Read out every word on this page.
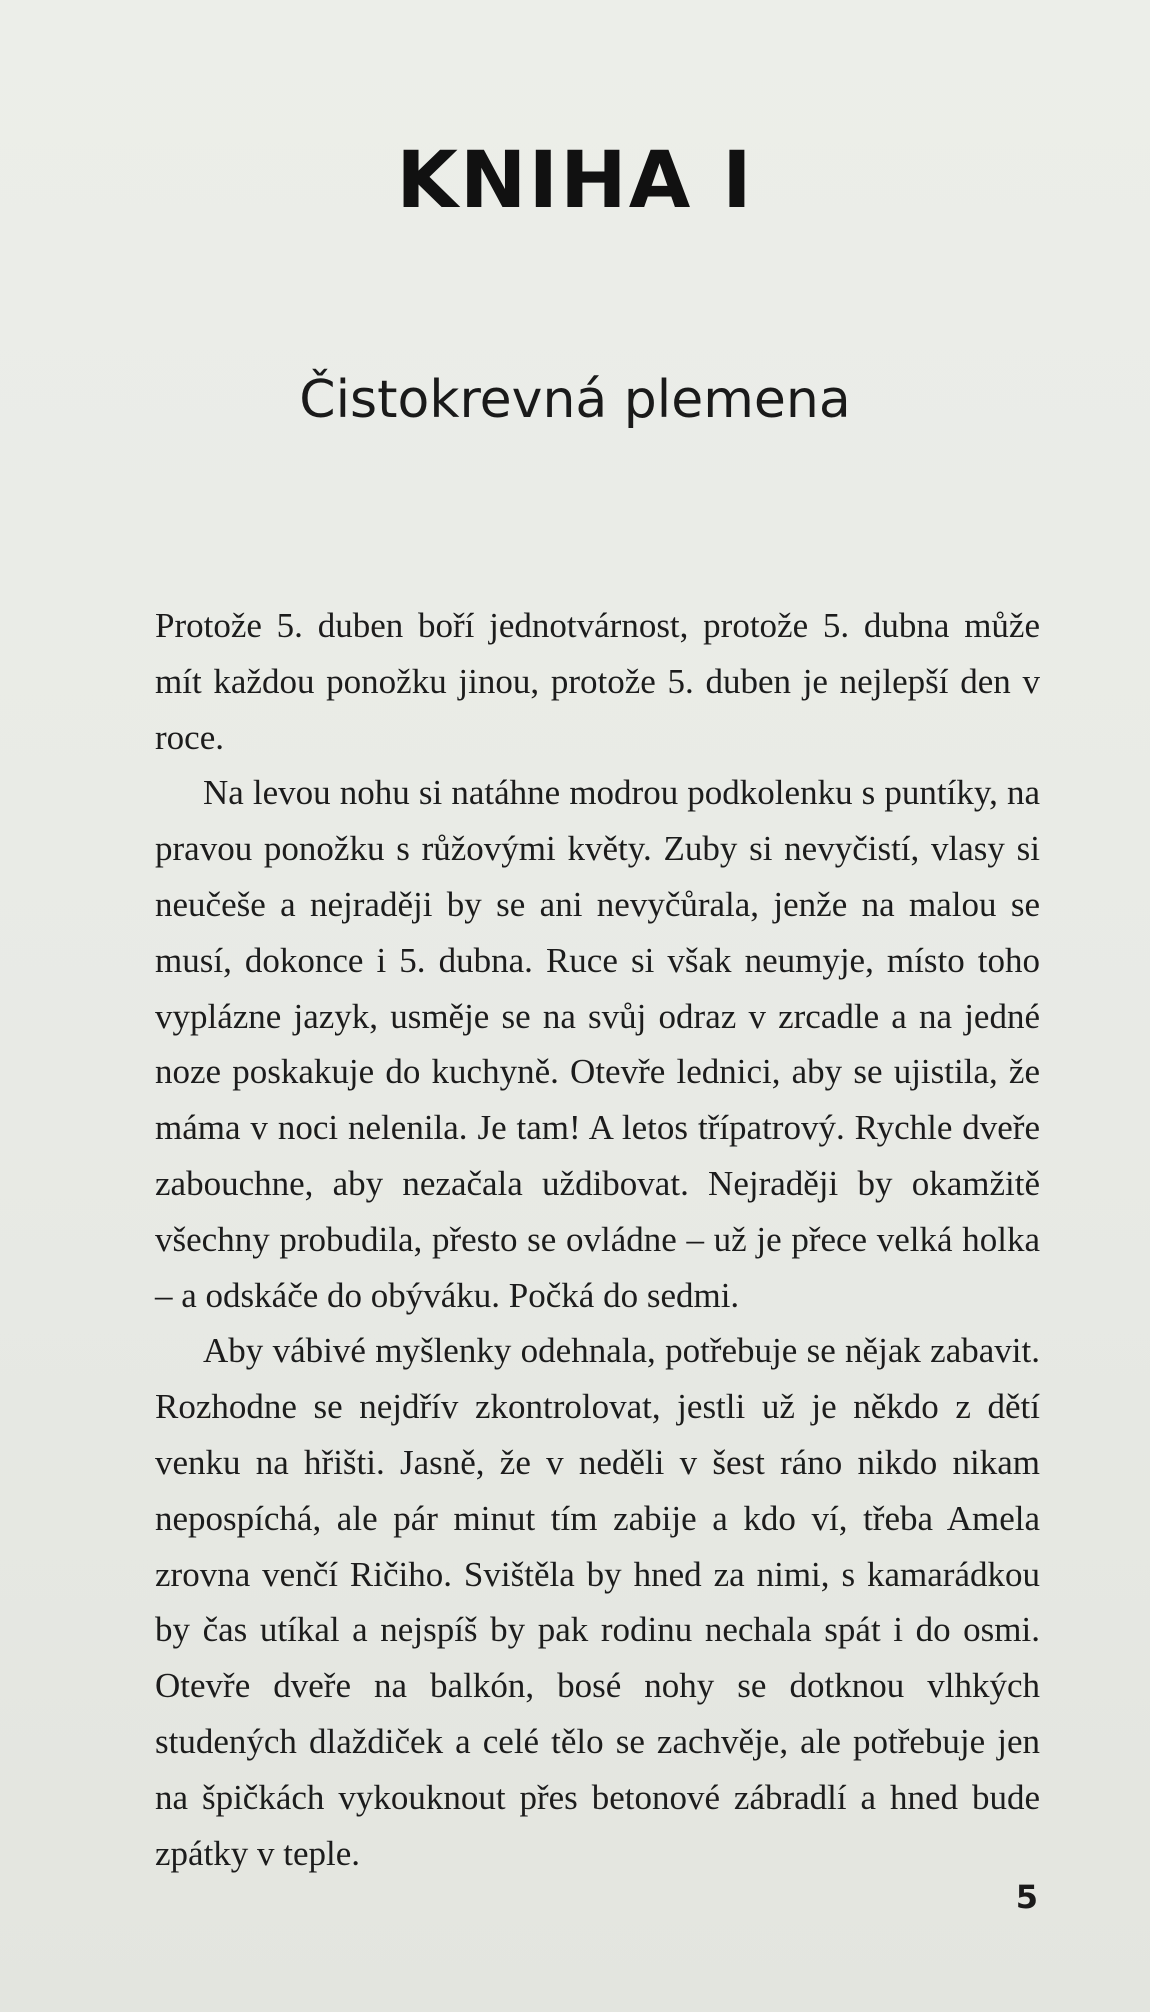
KNIHA I
Čistokrevná plemena

Protože 5. duben boří jednotvárnost, protože 5. dubna může mít každou ponožku jinou, protože 5. duben je nejlepší den v roce.

Na levou nohu si natáhne modrou podkolenku s puntíky, na pravou ponožku s růžovými květy. Zuby si nevyčistí, vlasy si neučeše a nejraději by se ani nevyčůrala, jenže na malou se musí, dokonce i 5. dubna. Ruce si však neumyje, místo toho vyplázne jazyk, usměje se na svůj odraz v zrcadle a na jedné noze poskakuje do kuchyně. Otevře lednici, aby se ujistila, že máma v noci nelenila. Je tam! A letos třípatrový. Rychle dveře zabouchne, aby nezačala uždibovat. Nejraději by okamžitě všechny probudila, přesto se ovládne – už je přece velká holka – a odskáče do obýváku. Počká do sedmi.

Aby vábivé myšlenky odehnala, potřebuje se nějak zabavit. Rozhodne se nejdřív zkontrolovat, jestli už je někdo z dětí venku na hřišti. Jasně, že v neděli v šest ráno nikdo nikam nepospíchá, ale pár minut tím zabije a kdo ví, třeba Amela zrovna venčí Ričiho. Svištěla by hned za nimi, s kamarádkou by čas utíkal a nejspíš by pak rodinu nechala spát i do osmi. Otevře dveře na balkón, bosé nohy se dotknou vlhkých studených dlaždiček a celé tělo se zachvěje, ale potřebuje jen na špičkách vykouknout přes betonové zábradlí a hned bude zpátky v teple.

5
